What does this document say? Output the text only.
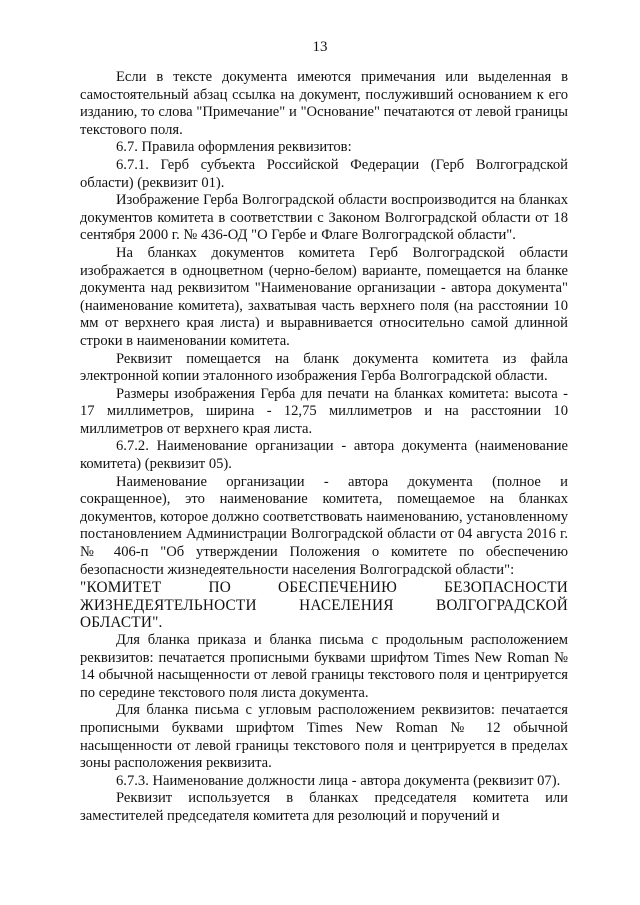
13

Если в тексте документа имеются примечания или выделенная в самостоятельный абзац ссылка на документ, послуживший основанием к его изданию, то слова "Примечание" и "Основание" печатаются от левой границы текстового поля.

6.7. Правила оформления реквизитов:

6.7.1. Герб субъекта Российской Федерации (Герб Волгоградской области) (реквизит 01).

Изображение Герба Волгоградской области воспроизводится на бланках документов комитета в соответствии с Законом Волгоградской области от 18 сентября 2000 г. № 436-ОД "О Гербе и Флаге Волгоградской области".

На бланках документов комитета Герб Волгоградской области изображается в одноцветном (черно-белом) варианте, помещается на бланке документа над реквизитом "Наименование организации - автора документа" (наименование комитета), захватывая часть верхнего поля (на расстоянии 10 мм от верхнего края листа) и выравнивается относительно самой длинной строки в наименовании комитета.

Реквизит помещается на бланк документа комитета из файла электронной копии эталонного изображения Герба Волгоградской области.

Размеры изображения Герба для печати на бланках комитета: высота - 17 миллиметров, ширина - 12,75 миллиметров и на расстоянии 10 миллиметров от верхнего края листа.

6.7.2. Наименование организации - автора документа (наименование комитета) (реквизит 05).

Наименование организации - автора документа (полное и сокращенное), это наименование комитета, помещаемое на бланках документов, которое должно соответствовать наименованию, установленному постановлением Администрации Волгоградской области от 04 августа 2016 г. № 406-п "Об утверждении Положения о комитете по обеспечению безопасности жизнедеятельности населения Волгоградской области":

"КОМИТЕТ ПО ОБЕСПЕЧЕНИЮ БЕЗОПАСНОСТИ ЖИЗНЕДЕЯТЕЛЬНОСТИ НАСЕЛЕНИЯ ВОЛГОГРАДСКОЙ ОБЛАСТИ".

Для бланка приказа и бланка письма с продольным расположением реквизитов: печатается прописными буквами шрифтом Times New Roman № 14 обычной насыщенности от левой границы текстового поля и центрируется по середине текстового поля листа документа.

Для бланка письма с угловым расположением реквизитов: печатается прописными буквами шрифтом Times New Roman № 12 обычной насыщенности от левой границы текстового поля и центрируется в пределах зоны расположения реквизита.

6.7.3. Наименование должности лица - автора документа (реквизит 07).

Реквизит используется в бланках председателя комитета или заместителей председателя комитета для резолюций и поручений и
